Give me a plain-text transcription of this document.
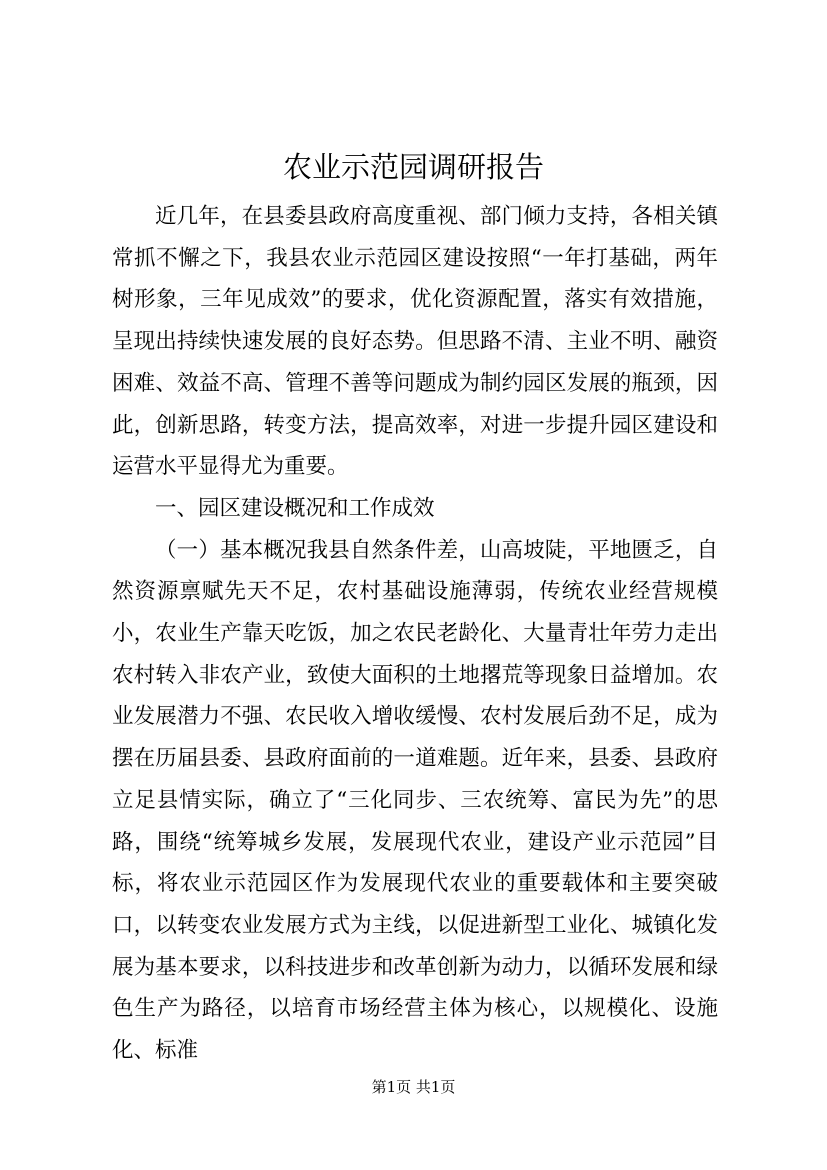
农业示范园调研报告

近几年，在县委县政府高度重视、部门倾力支持，各相关镇常抓不懈之下，我县农业示范园区建设按照“一年打基础，两年树形象，三年见成效”的要求，优化资源配置，落实有效措施，呈现出持续快速发展的良好态势。但思路不清、主业不明、融资困难、效益不高、管理不善等问题成为制约园区发展的瓶颈，因此，创新思路，转变方法，提高效率，对进一步提升园区建设和运营水平显得尤为重要。

一、园区建设概况和工作成效

（一）基本概况我县自然条件差，山高坡陡，平地匮乏，自然资源禀赋先天不足，农村基础设施薄弱，传统农业经营规模小，农业生产靠天吃饭，加之农民老龄化、大量青壮年劳力走出农村转入非农产业，致使大面积的土地撂荒等现象日益增加。农业发展潜力不强、农民收入增收缓慢、农村发展后劲不足，成为摆在历届县委、县政府面前的一道难题。近年来，县委、县政府立足县情实际，确立了“三化同步、三农统筹、富民为先”的思路，围绕“统筹城乡发展，发展现代农业，建设产业示范园”目标，将农业示范园区作为发展现代农业的重要载体和主要突破口，以转变农业发展方式为主线，以促进新型工业化、城镇化发展为基本要求，以科技进步和改革创新为动力，以循环发展和绿色生产为路径，以培育市场经营主体为核心，以规模化、设施化、标准

第1页 共1页
